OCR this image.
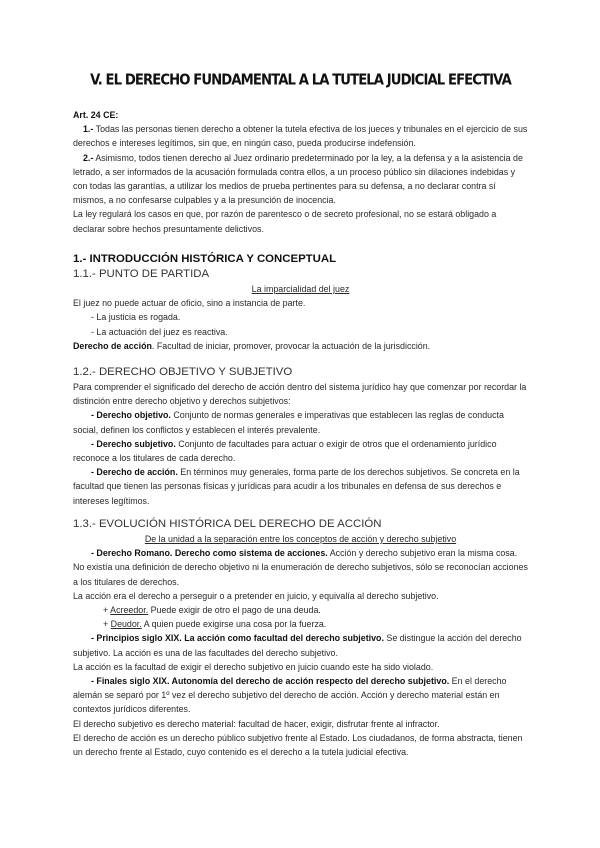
V. EL DERECHO FUNDAMENTAL A LA TUTELA JUDICIAL EFECTIVA

Art. 24 CE:

1.- Todas las personas tienen derecho a obtener la tutela efectiva de los jueces y tribunales en el ejercicio de sus derechos e intereses legítimos, sin que, en ningún caso, pueda producirse indefensión.

2.- Asimismo, todos tienen derecho al Juez ordinario predeterminado por la ley, a la defensa y a la asistencia de letrado, a ser informados de la acusación formulada contra ellos, a un proceso público sin dilaciones indebidas y con todas las garantías, a utilizar los medios de prueba pertinentes para su defensa, a no declarar contra sí mismos, a no confesarse culpables y a la presunción de inocencia.

La ley regulará los casos en que, por razón de parentesco o de secreto profesional, no se estará obligado a declarar sobre hechos presuntamente delictivos.

1.- INTRODUCCIÓN HISTÓRICA Y CONCEPTUAL

1.1.- PUNTO DE PARTIDA

La imparcialidad del juez

El juez no puede actuar de oficio, sino a instancia de parte.

- La justicia es rogada.

- La actuación del juez es reactiva.

Derecho de acción. Facultad de iniciar, promover, provocar la actuación de la jurisdicción.

1.2.- DERECHO OBJETIVO Y SUBJETIVO

Para comprender el significado del derecho de acción dentro del sistema jurídico hay que comenzar por recordar la distinción entre derecho objetivo y derechos subjetivos:

- Derecho objetivo. Conjunto de normas generales e imperativas que establecen las reglas de conducta social, definen los conflictos y establecen el interés prevalente.

- Derecho subjetivo. Conjunto de facultades para actuar o exigir de otros que el ordenamiento jurídico reconoce a los titulares de cada derecho.

- Derecho de acción. En términos muy generales, forma parte de los derechos subjetivos. Se concreta en la facultad que tienen las personas físicas y jurídicas para acudir a los tribunales en defensa de sus derechos e intereses legítimos.

1.3.- EVOLUCIÓN HISTÓRICA DEL DERECHO DE ACCIÓN

De la unidad a la separación entre los conceptos de acción y derecho subjetivo

- Derecho Romano. Derecho como sistema de acciones. Acción y derecho subjetivo eran la misma cosa. No existía una definición de derecho objetivo ni la enumeración de derecho subjetivos, sólo se reconocían acciones a los titulares de derechos.

La acción era el derecho a perseguir o a pretender en juicio, y equivalía al derecho subjetivo.

+ Acreedor. Puede exigir de otro el pago de una deuda.

+ Deudor. A quien puede exigirse una cosa por la fuerza.

- Principios siglo XIX. La acción como facultad del derecho subjetivo. Se distingue la acción del derecho subjetivo. La acción es una de las facultades del derecho subjetivo.

La acción es la facultad de exigir el derecho subjetivo en juicio cuando este ha sido violado.

- Finales siglo XIX. Autonomía del derecho de acción respecto del derecho subjetivo. En el derecho alemán se separó por 1º vez el derecho subjetivo del derecho de acción. Acción y derecho material están en contextos jurídicos diferentes.

El derecho subjetivo es derecho material: facultad de hacer, exigir, disfrutar frente al infractor.

El derecho de acción es un derecho público subjetivo frente al Estado. Los ciudadanos, de forma abstracta, tienen un derecho frente al Estado, cuyo contenido es el derecho a la tutela judicial efectiva.
